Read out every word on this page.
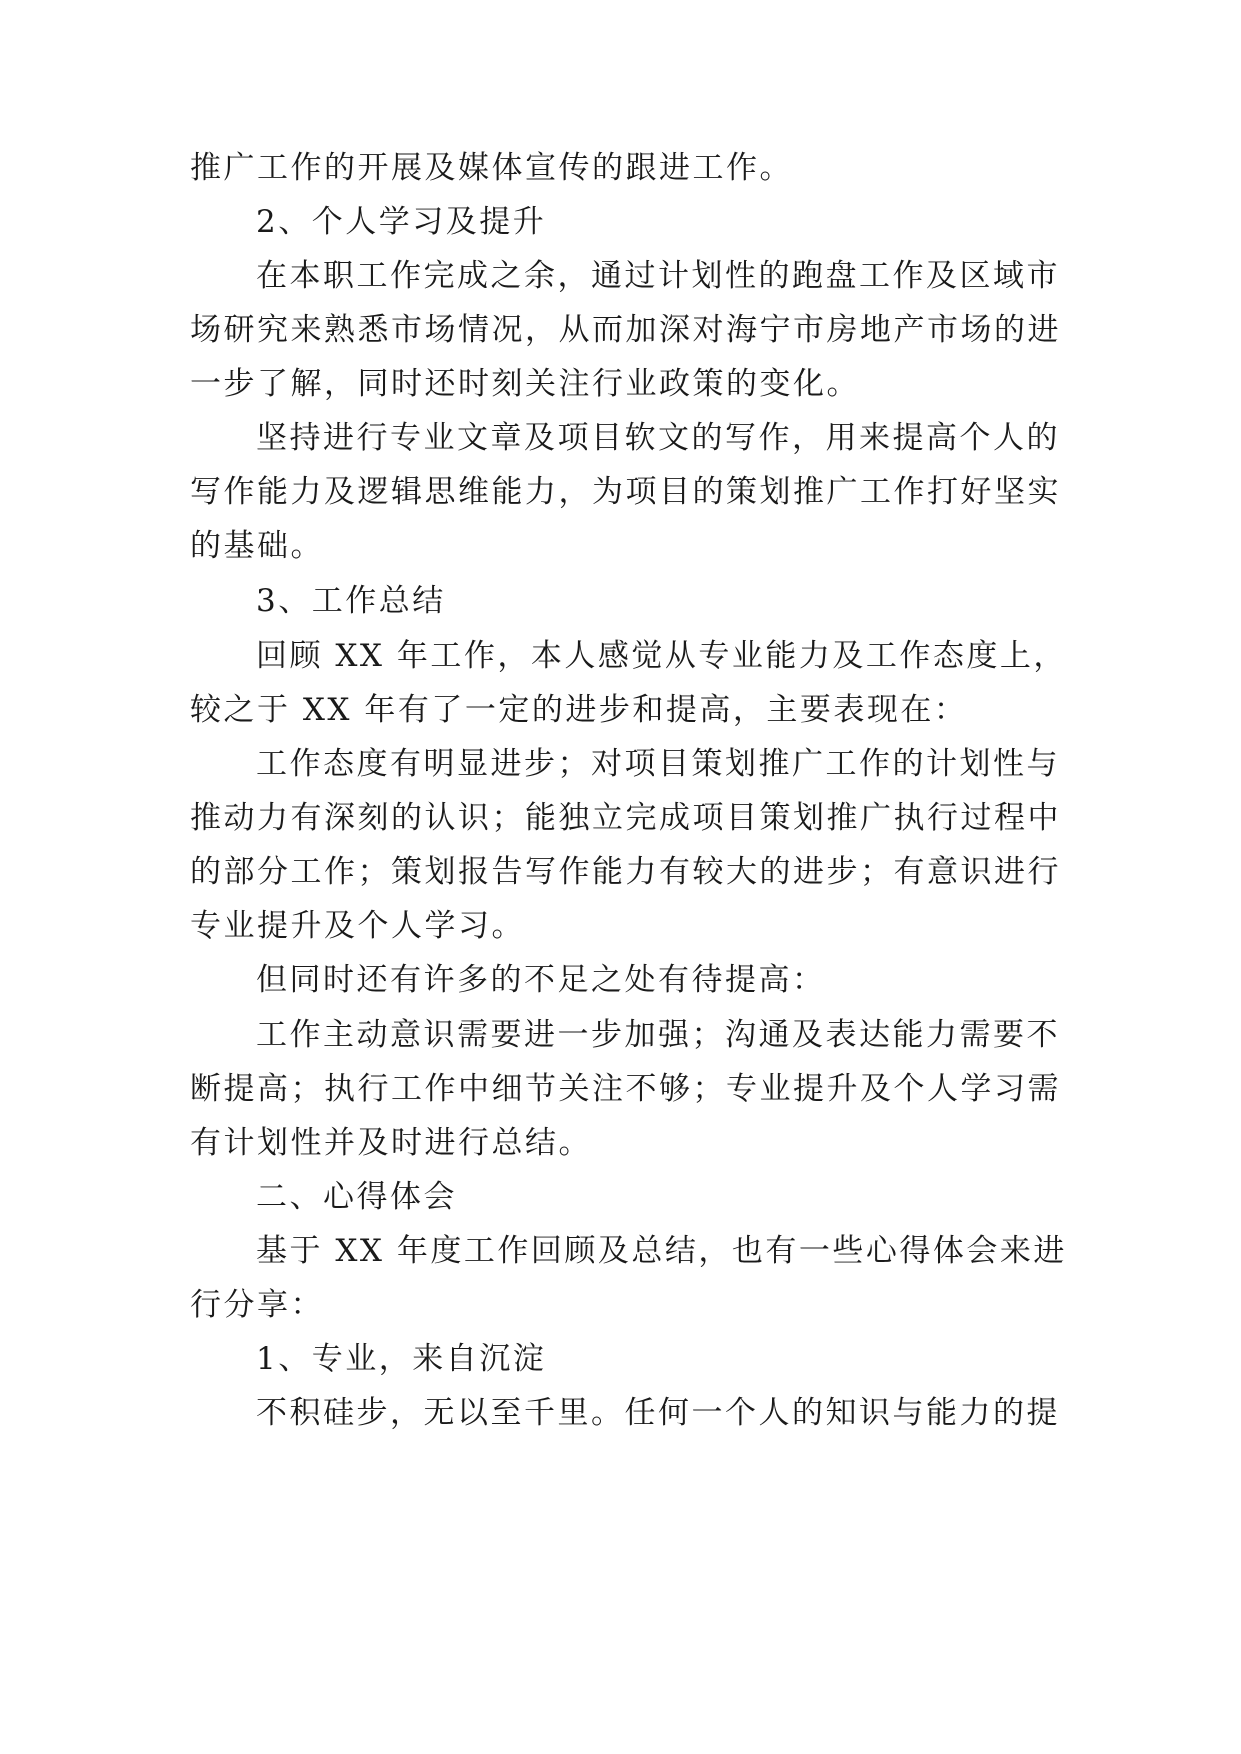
推广工作的开展及媒体宣传的跟进工作。
2、个人学习及提升
在本职工作完成之余，通过计划性的跑盘工作及区域市
场研究来熟悉市场情况，从而加深对海宁市房地产市场的进
一步了解，同时还时刻关注行业政策的变化。
坚持进行专业文章及项目软文的写作，用来提高个人的
写作能力及逻辑思维能力，为项目的策划推广工作打好坚实
的基础。
3、工作总结
回顾 XX 年工作，本人感觉从专业能力及工作态度上，
较之于 XX 年有了一定的进步和提高，主要表现在：
工作态度有明显进步；对项目策划推广工作的计划性与
推动力有深刻的认识；能独立完成项目策划推广执行过程中
的部分工作；策划报告写作能力有较大的进步；有意识进行
专业提升及个人学习。
但同时还有许多的不足之处有待提高：
工作主动意识需要进一步加强；沟通及表达能力需要不
断提高；执行工作中细节关注不够；专业提升及个人学习需
有计划性并及时进行总结。
二、心得体会
基于 XX 年度工作回顾及总结，也有一些心得体会来进
行分享：
1、专业，来自沉淀
不积硅步，无以至千里。任何一个人的知识与能力的提
